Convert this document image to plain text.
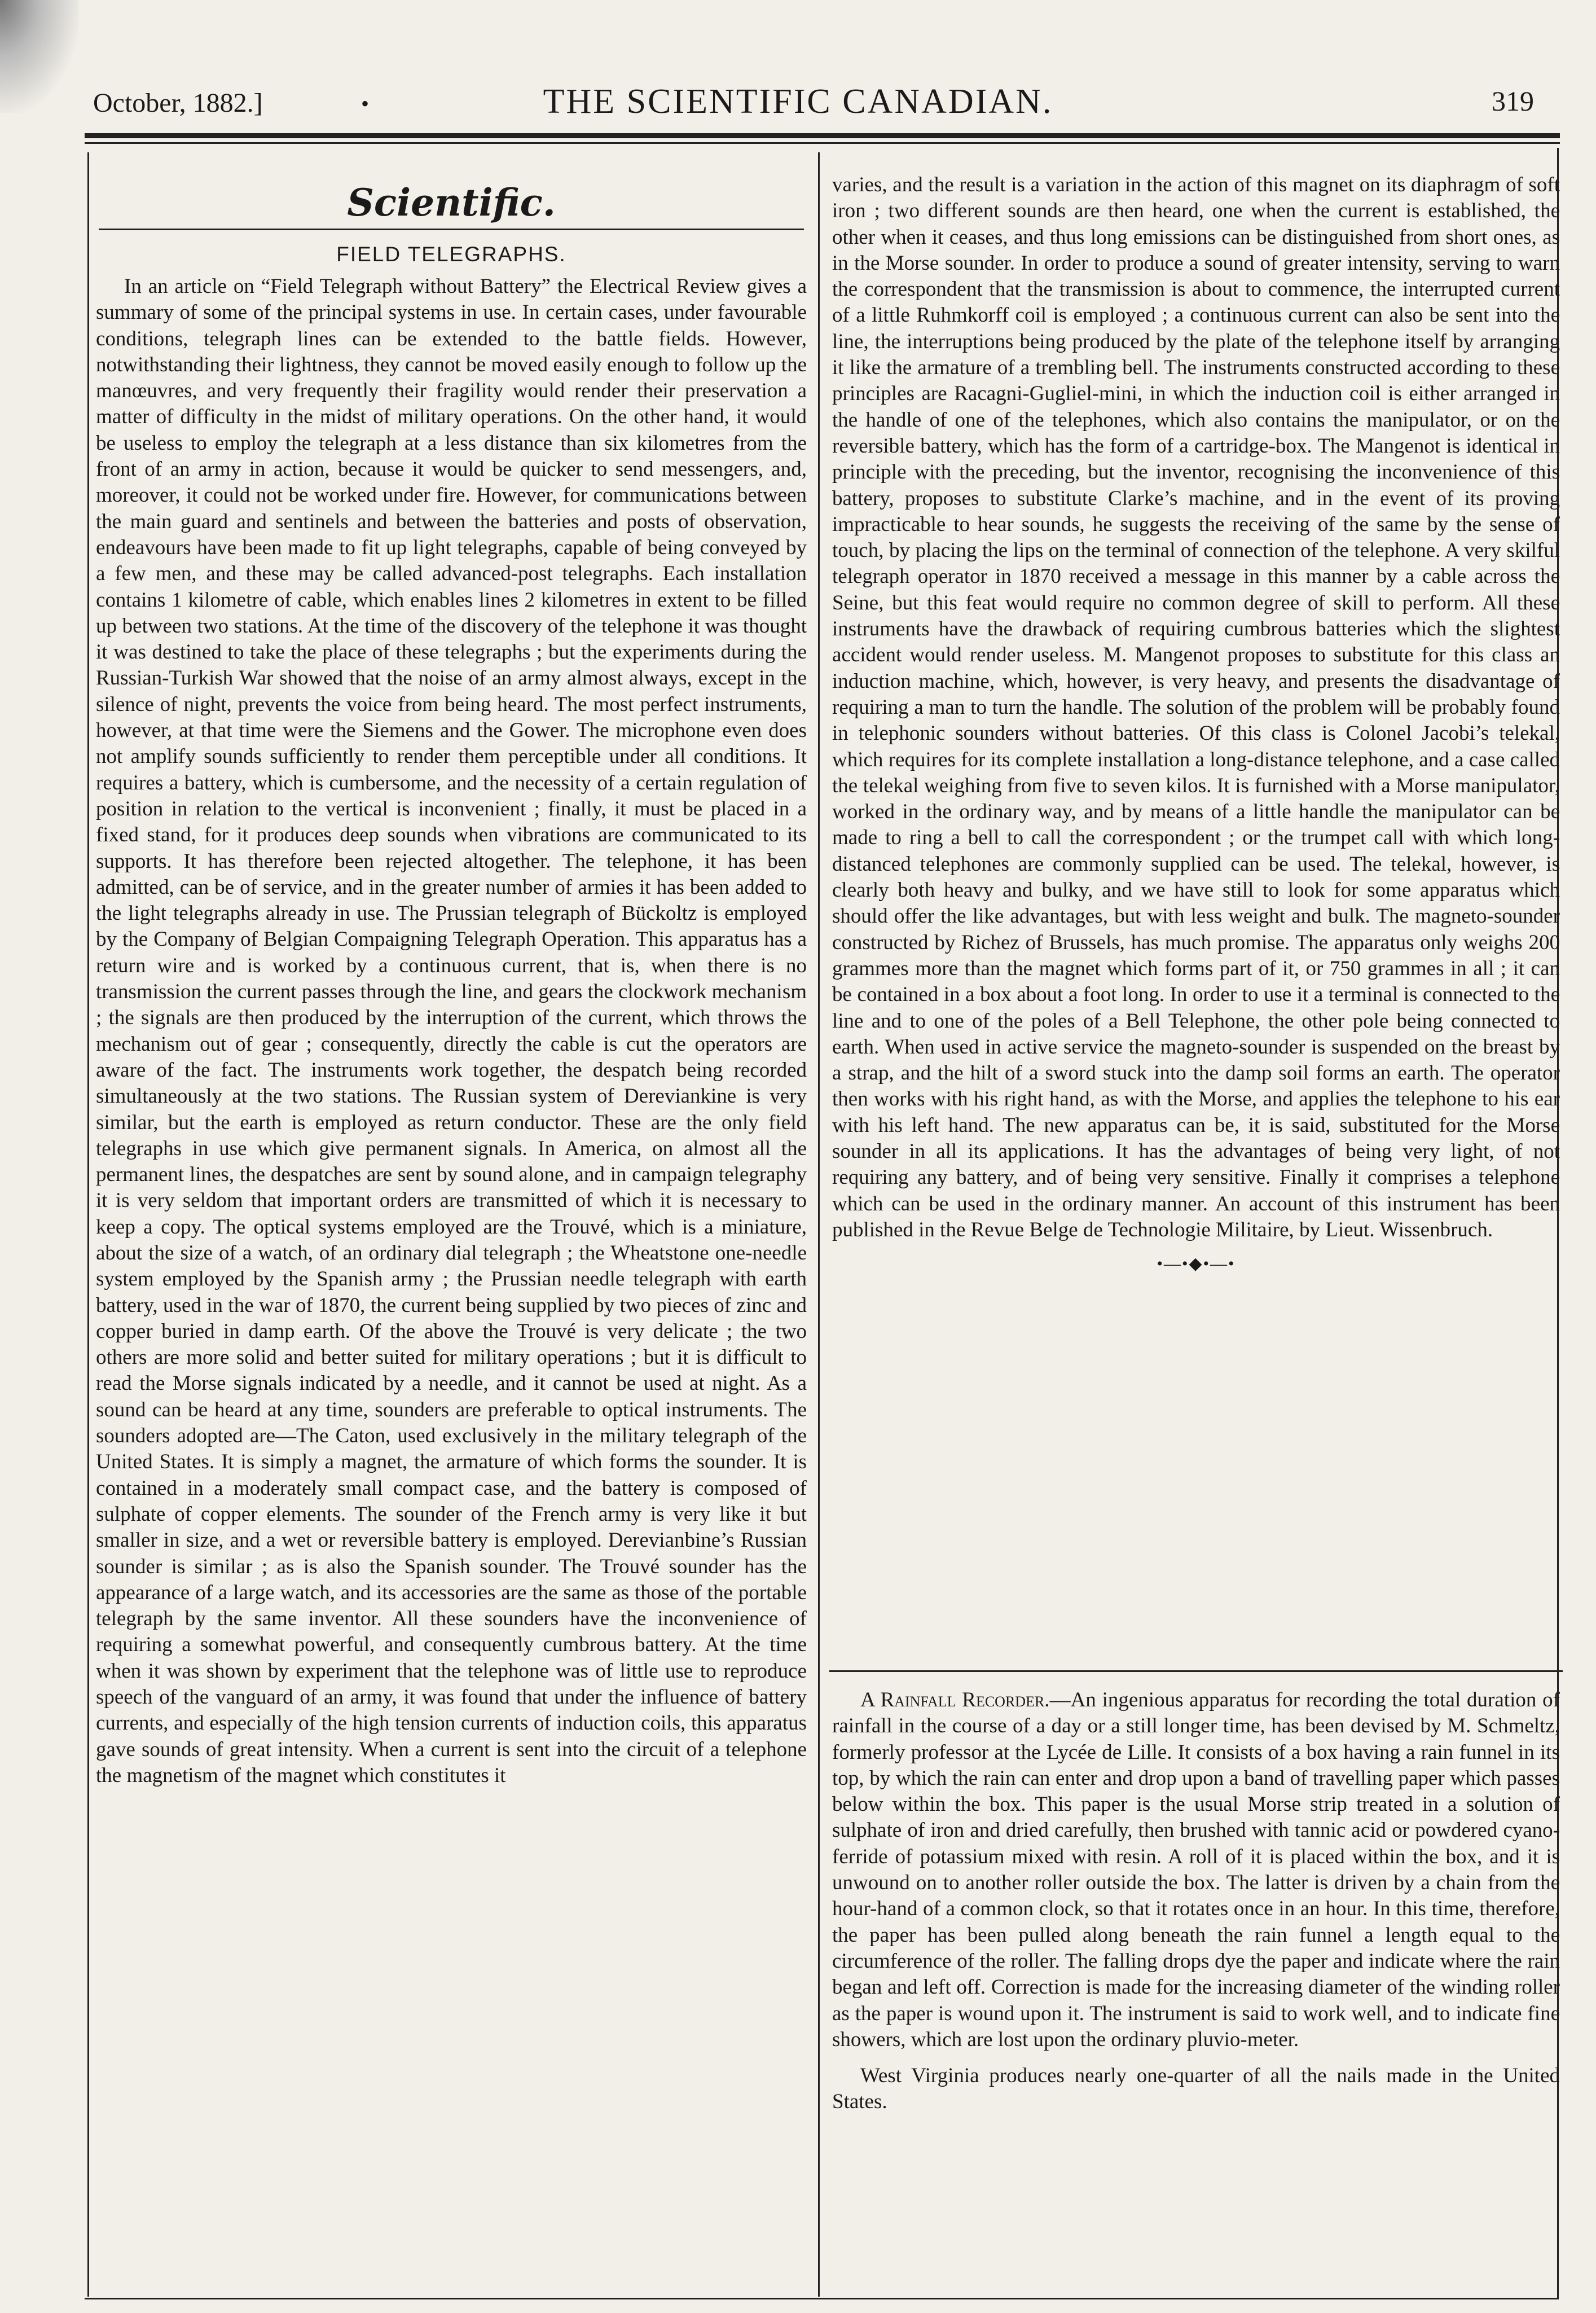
October, 1882.]	•	THE SCIENTIFIC CANADIAN.	319
Scientific.
FIELD TELEGRAPHS.

In an article on “Field Telegraph without Battery” the Electrical Review gives a summary of some of the principal systems in use. In certain cases, under favourable conditions, telegraph lines can be extended to the battle fields. However, notwithstanding their lightness, they cannot be moved easily enough to follow up the manœuvres, and very frequently their fragility would render their preservation a matter of difficulty in the midst of military operations. On the other hand, it would be useless to employ the telegraph at a less distance than six kilometres from the front of an army in action, because it would be quicker to send messengers, and, moreover, it could not be worked under fire. However, for communications between the main guard and sentinels and between the batteries and posts of observation, endeavours have been made to fit up light telegraphs, capable of being conveyed by a few men, and these may be called advanced-post telegraphs. Each installation contains 1 kilometre of cable, which enables lines 2 kilometres in extent to be filled up between two stations. At the time of the discovery of the telephone it was thought it was destined to take the place of these telegraphs ; but the experiments during the Russian-Turkish War showed that the noise of an army almost always, except in the silence of night, prevents the voice from being heard. The most perfect instruments, however, at that time were the Siemens and the Gower. The microphone even does not amplify sounds sufficiently to render them perceptible under all conditions. It requires a battery, which is cumbersome, and the necessity of a certain regulation of position in relation to the vertical is inconvenient ; finally, it must be placed in a fixed stand, for it produces deep sounds when vibrations are communicated to its supports. It has therefore been rejected altogether. The telephone, it has been admitted, can be of service, and in the greater number of armies it has been added to the light telegraphs already in use. The Prussian telegraph of Bückoltz is employed by the Company of Belgian Compaigning Telegraph Operation. This apparatus has a return wire and is worked by a continuous current, that is, when there is no transmission the current passes through the line, and gears the clockwork mechanism ; the signals are then produced by the interruption of the current, which throws the mechanism out of gear ; consequently, directly the cable is cut the operators are aware of the fact. The instruments work together, the despatch being recorded simultaneously at the two stations. The Russian system of Dereviankine is very similar, but the earth is employed as return conductor. These are the only field telegraphs in use which give permanent signals. In America, on almost all the permanent lines, the despatches are sent by sound alone, and in campaign telegraphy it is very seldom that important orders are transmitted of which it is necessary to keep a copy. The optical systems employed are the Trouvé, which is a miniature, about the size of a watch, of an ordinary dial telegraph ; the Wheatstone one-needle system employed by the Spanish army ; the Prussian needle telegraph with earth battery, used in the war of 1870, the current being supplied by two pieces of zinc and copper buried in damp earth. Of the above the Trouvé is very delicate ; the two others are more solid and better suited for military operations ; but it is difficult to read the Morse signals indicated by a needle, and it cannot be used at night. As a sound can be heard at any time, sounders are preferable to optical instruments. The sounders adopted are—The Caton, used exclusively in the military telegraph of the United States. It is simply a magnet, the armature of which forms the sounder. It is contained in a moderately small compact case, and the battery is composed of sulphate of copper elements. The sounder of the French army is very like it but smaller in size, and a wet or reversible battery is employed. Derevianbine’s Russian sounder is similar ; as is also the Spanish sounder. The Trouvé sounder has the appearance of a large watch, and its accessories are the same as those of the portable telegraph by the same inventor. All these sounders have the inconvenience of requiring a somewhat powerful, and consequently cumbrous battery. At the time when it was shown by experiment that the telephone was of little use to reproduce speech of the vanguard of an army, it was found that under the influence of battery currents, and especially of the high tension currents of induction coils, this apparatus gave sounds of great intensity. When a current is sent into the circuit of a telephone the magnetism of the magnet which constitutes it

varies, and the result is a variation in the action of this magnet on its diaphragm of soft iron ; two different sounds are then heard, one when the current is established, the other when it ceases, and thus long emissions can be distinguished from short ones, as in the Morse sounder. In order to produce a sound of greater intensity, serving to warn the correspondent that the transmission is about to commence, the interrupted current of a little Ruhmkorff coil is employed ; a continuous current can also be sent into the line, the interruptions being produced by the plate of the telephone itself by arranging it like the armature of a trembling bell. The instruments constructed according to these principles are Racagni-Gugliel-mini, in which the induction coil is either arranged in the handle of one of the telephones, which also contains the manipulator, or on the reversible battery, which has the form of a cartridge-box. The Mangenot is identical in principle with the preceding, but the inventor, recognising the inconvenience of this battery, proposes to substitute Clarke’s machine, and in the event of its proving impracticable to hear sounds, he suggests the receiving of the same by the sense of touch, by placing the lips on the terminal of connection of the telephone. A very skilful telegraph operator in 1870 received a message in this manner by a cable across the Seine, but this feat would require no common degree of skill to perform. All these instruments have the drawback of requiring cumbrous batteries which the slightest accident would render useless. M. Mangenot proposes to substitute for this class an induction machine, which, however, is very heavy, and presents the disadvantage of requiring a man to turn the handle. The solution of the problem will be probably found in telephonic sounders without batteries. Of this class is Colonel Jacobi’s telekal, which requires for its complete installation a long-distance telephone, and a case called the telekal weighing from five to seven kilos. It is furnished with a Morse manipulator, worked in the ordinary way, and by means of a little handle the manipulator can be made to ring a bell to call the correspondent ; or the trumpet call with which long-distanced telephones are commonly supplied can be used. The telekal, however, is clearly both heavy and bulky, and we have still to look for some apparatus which should offer the like advantages, but with less weight and bulk. The magneto-sounder constructed by Richez of Brussels, has much promise. The apparatus only weighs 200 grammes more than the magnet which forms part of it, or 750 grammes in all ; it can be contained in a box about a foot long. In order to use it a terminal is connected to the line and to one of the poles of a Bell Telephone, the other pole being connected to earth. When used in active service the magneto-sounder is suspended on the breast by a strap, and the hilt of a sword stuck into the damp soil forms an earth. The operator then works with his right hand, as with the Morse, and applies the telephone to his ear with his left hand. The new apparatus can be, it is said, substituted for the Morse sounder in all its applications. It has the advantages of being very light, of not requiring any battery, and of being very sensitive. Finally it comprises a telephone which can be used in the ordinary manner. An account of this instrument has been published in the Revue Belge de Technologie Militaire, by Lieut. Wissenbruch.

•—•◆•—•

A Rainfall Recorder.—An ingenious apparatus for recording the total duration of rainfall in the course of a day or a still longer time, has been devised by M. Schmeltz, formerly professor at the Lycée de Lille. It consists of a box having a rain funnel in its top, by which the rain can enter and drop upon a band of travelling paper which passes below within the box. This paper is the usual Morse strip treated in a solution of sulphate of iron and dried carefully, then brushed with tannic acid or powdered cyano-ferride of potassium mixed with resin. A roll of it is placed within the box, and it is unwound on to another roller outside the box. The latter is driven by a chain from the hour-hand of a common clock, so that it rotates once in an hour. In this time, therefore, the paper has been pulled along beneath the rain funnel a length equal to the circumference of the roller. The falling drops dye the paper and indicate where the rain began and left off. Correction is made for the increasing diameter of the winding roller as the paper is wound upon it. The instrument is said to work well, and to indicate fine showers, which are lost upon the ordinary pluvio-meter.

West Virginia produces nearly one-quarter of all the nails made in the United States.
